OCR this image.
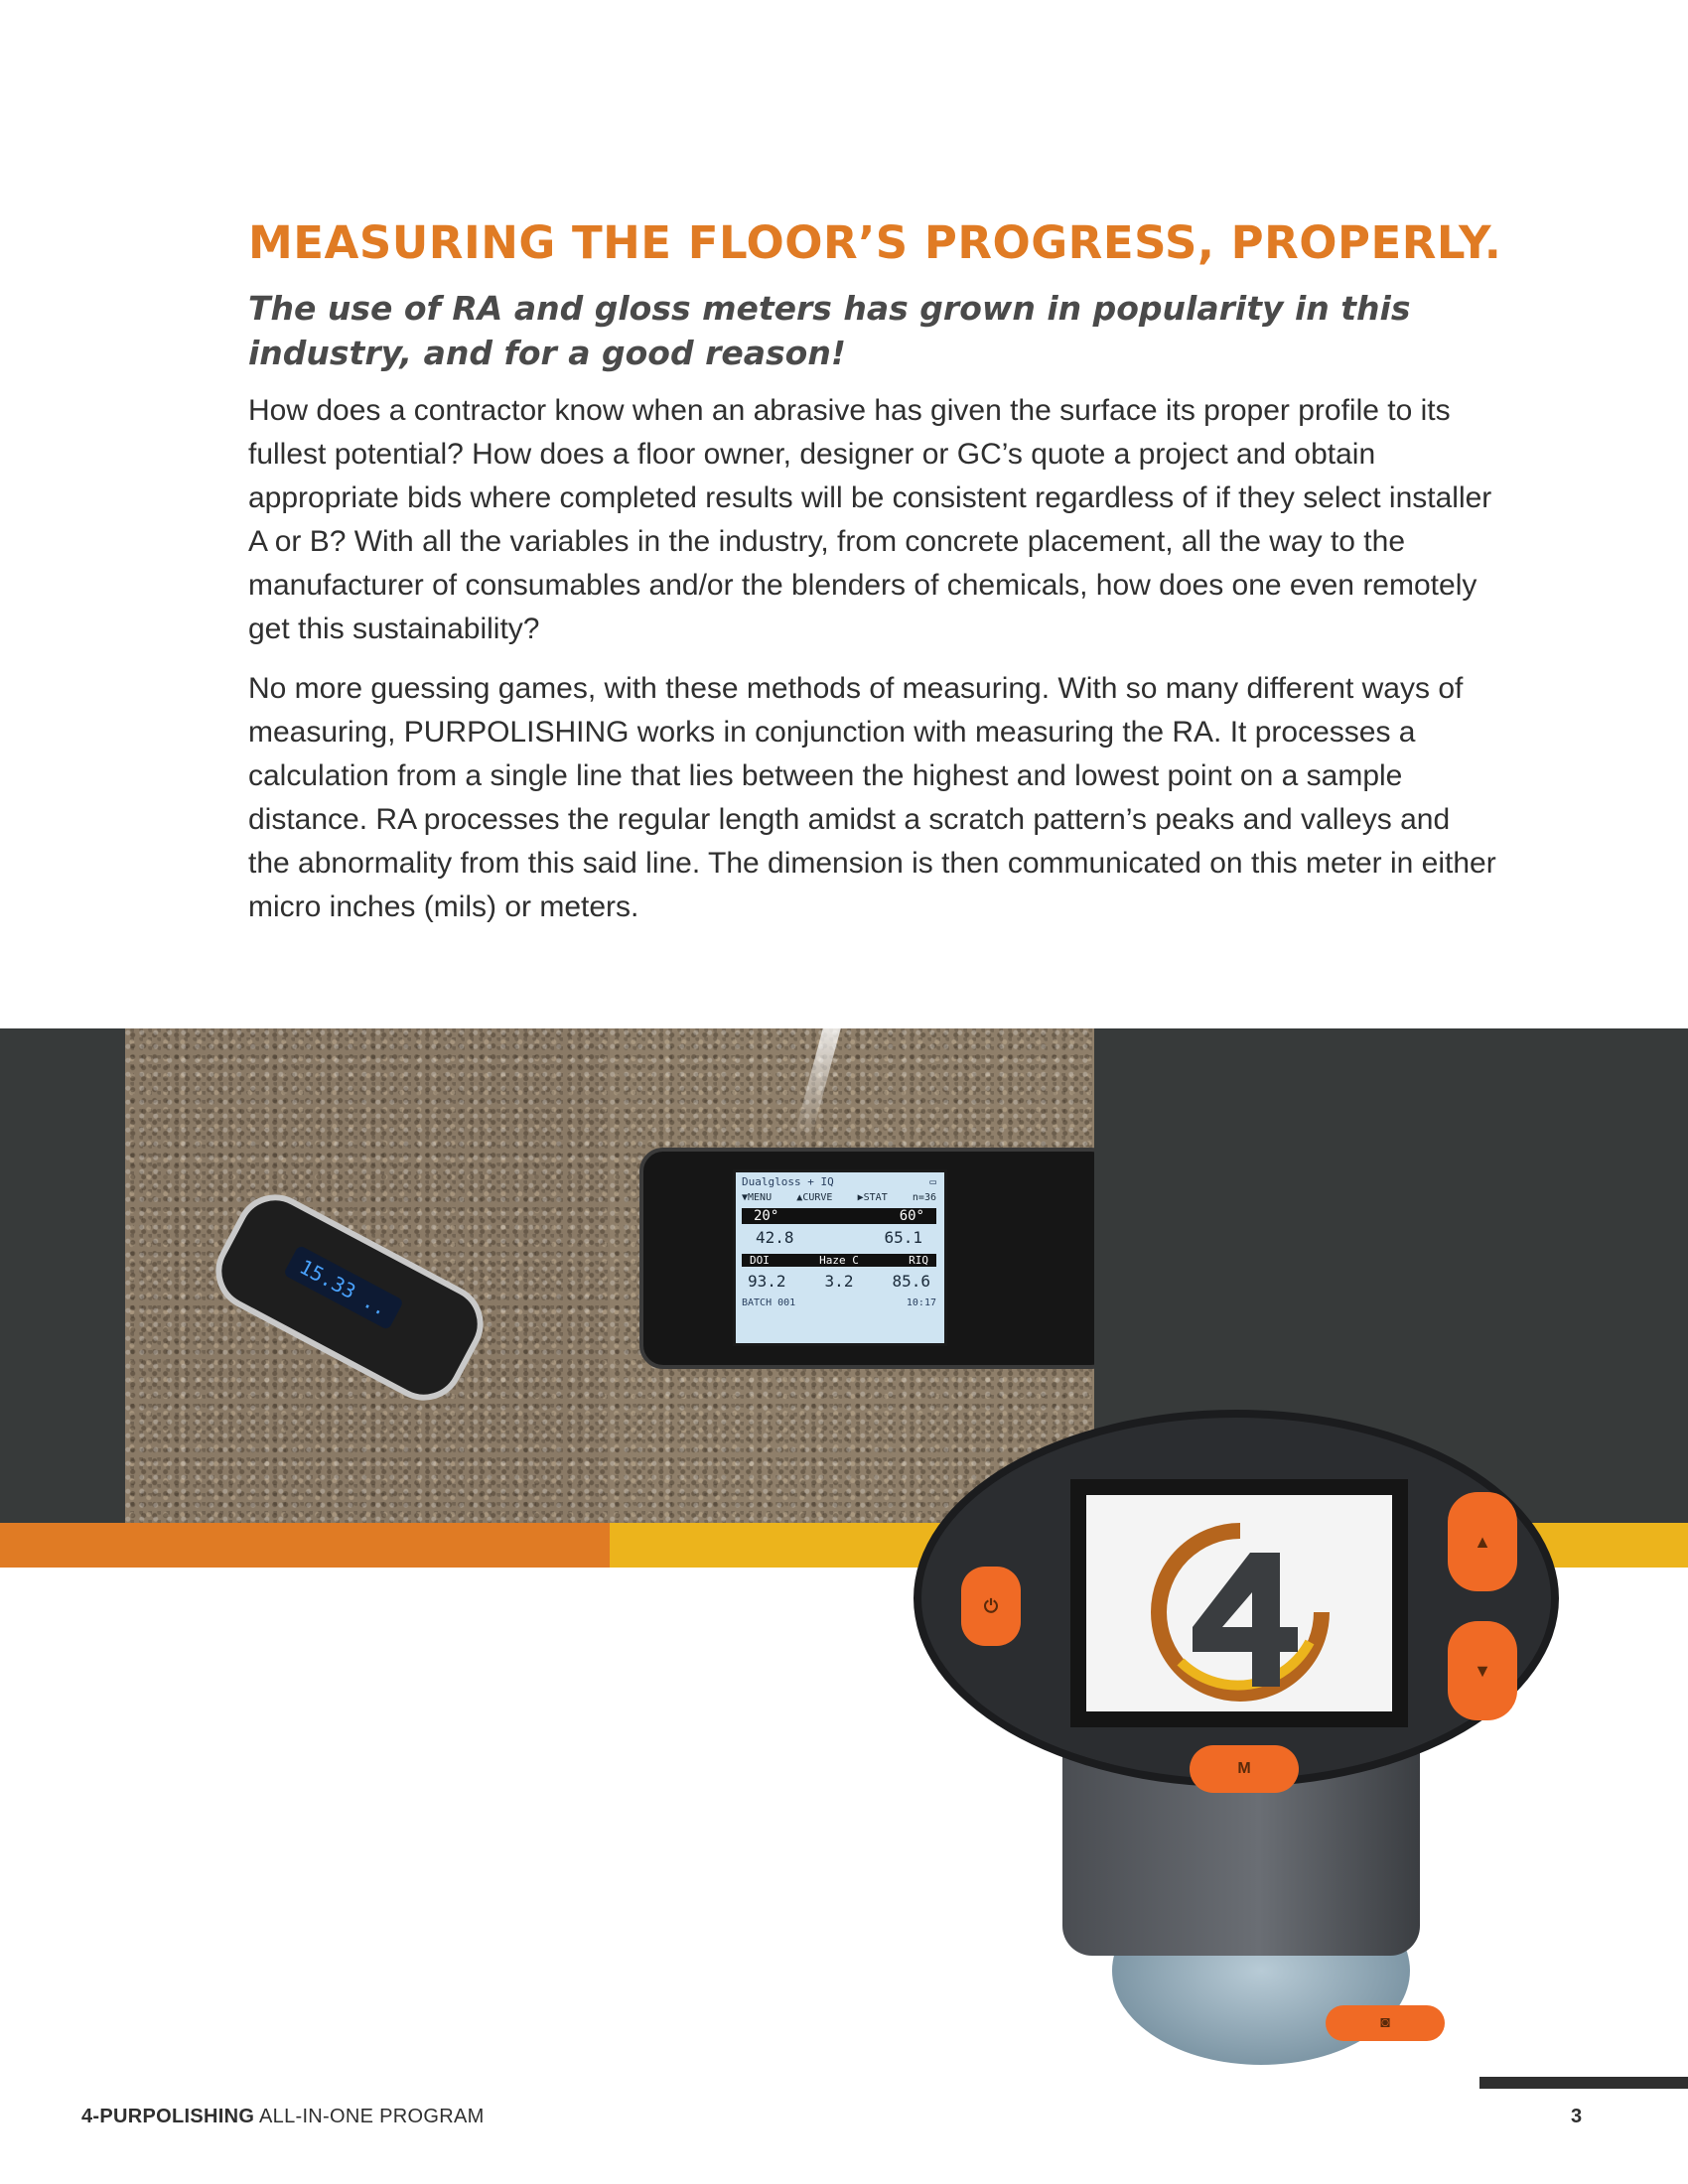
MEASURING THE FLOOR’S PROGRESS, PROPERLY.
The use of RA and gloss meters has grown in popularity in this industry, and for a good reason!

How does a contractor know when an abrasive has given the surface its proper profile to its fullest potential? How does a floor owner, designer or GC’s quote a project and obtain appropriate bids where completed results will be consistent regardless of if they select installer A or B? With all the variables in the industry, from concrete placement, all the way to the manufacturer of consumables and/or the blenders of chemicals, how does one even remotely get this sustainability?

No more guessing games, with these methods of measuring. With so many different ways of measuring, PURPOLISHING works in conjunction with measuring the RA. It processes a calculation from a single line that lies between the highest and lowest point on a sample distance. RA processes the regular length amidst a scratch pattern’s peaks and valleys and the abnormality from this said line. The dimension is then communicated on this meter in either micro inches (mils) or meters.

15.33 ..
Dualgloss + IQ	▭
▼MENU	▲CURVE	▶STAT	n=36
20°	60°
42.8	65.1
DOI	Haze C	RIQ
93.2 3.2 85.6
BATCH 001	10:17
◙
⏻
▲
▼
M
4-PURPOLISHING ALL-IN-ONE PROGRAM	3
